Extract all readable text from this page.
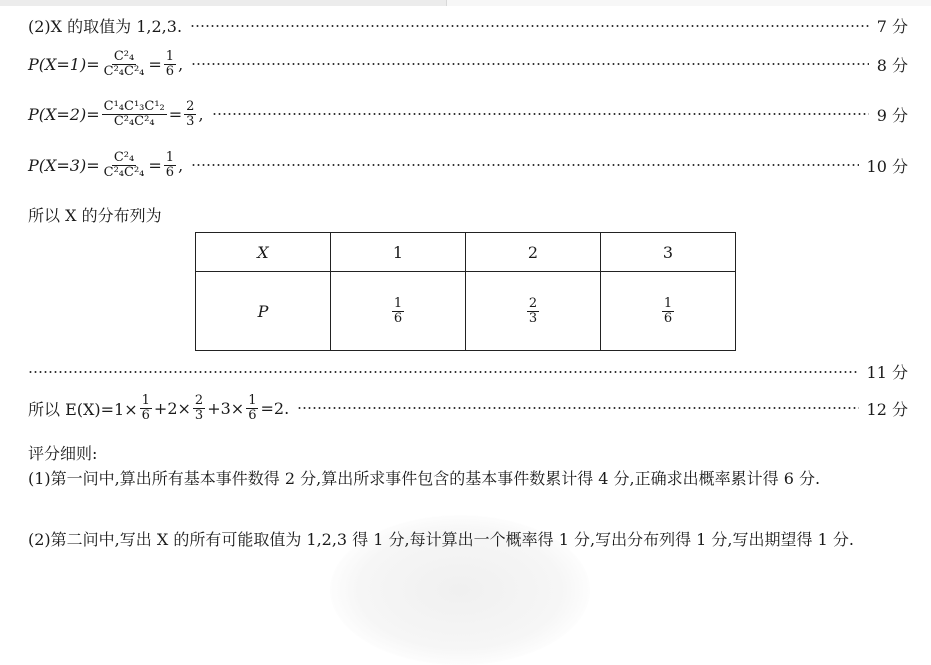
(2)X 的取值为 1,2,3.	7 分
$P(X=1)= \frac{\text{C²₄}}{\text{C²₄C²₄}} = \frac{1}{6}$ ,	8 分
$P(X=2)= \frac{\text{C¹₄C¹₃C¹₂}}{\text{C²₄C²₄}} = \frac{2}{3}$ ,	9 分
$P(X=3)= \frac{\text{C²₄}}{\text{C²₄C²₄}} = \frac{1}{6}$ ,	10 分
所以 X 的分布列为
X	1	2	3
P	$\frac{1}{6}$	$\frac{2}{3}$	$\frac{1}{6}$
11 分
所以 $E(X)=1\times \frac{1}{6} +2\times \frac{2}{3} +3\times \frac{1}{6} =2$.	12 分
评分细则:
(1)第一问中,算出所有基本事件数得 2 分,算出所求事件包含的基本事件数累计得 4 分,正确求出概率累计得 6 分.
(2)第二问中,写出 X 的所有可能取值为 1,2,3 得 1 分,每计算出一个概率得 1 分,写出分布列得 1 分,写出期望得 1 分.
